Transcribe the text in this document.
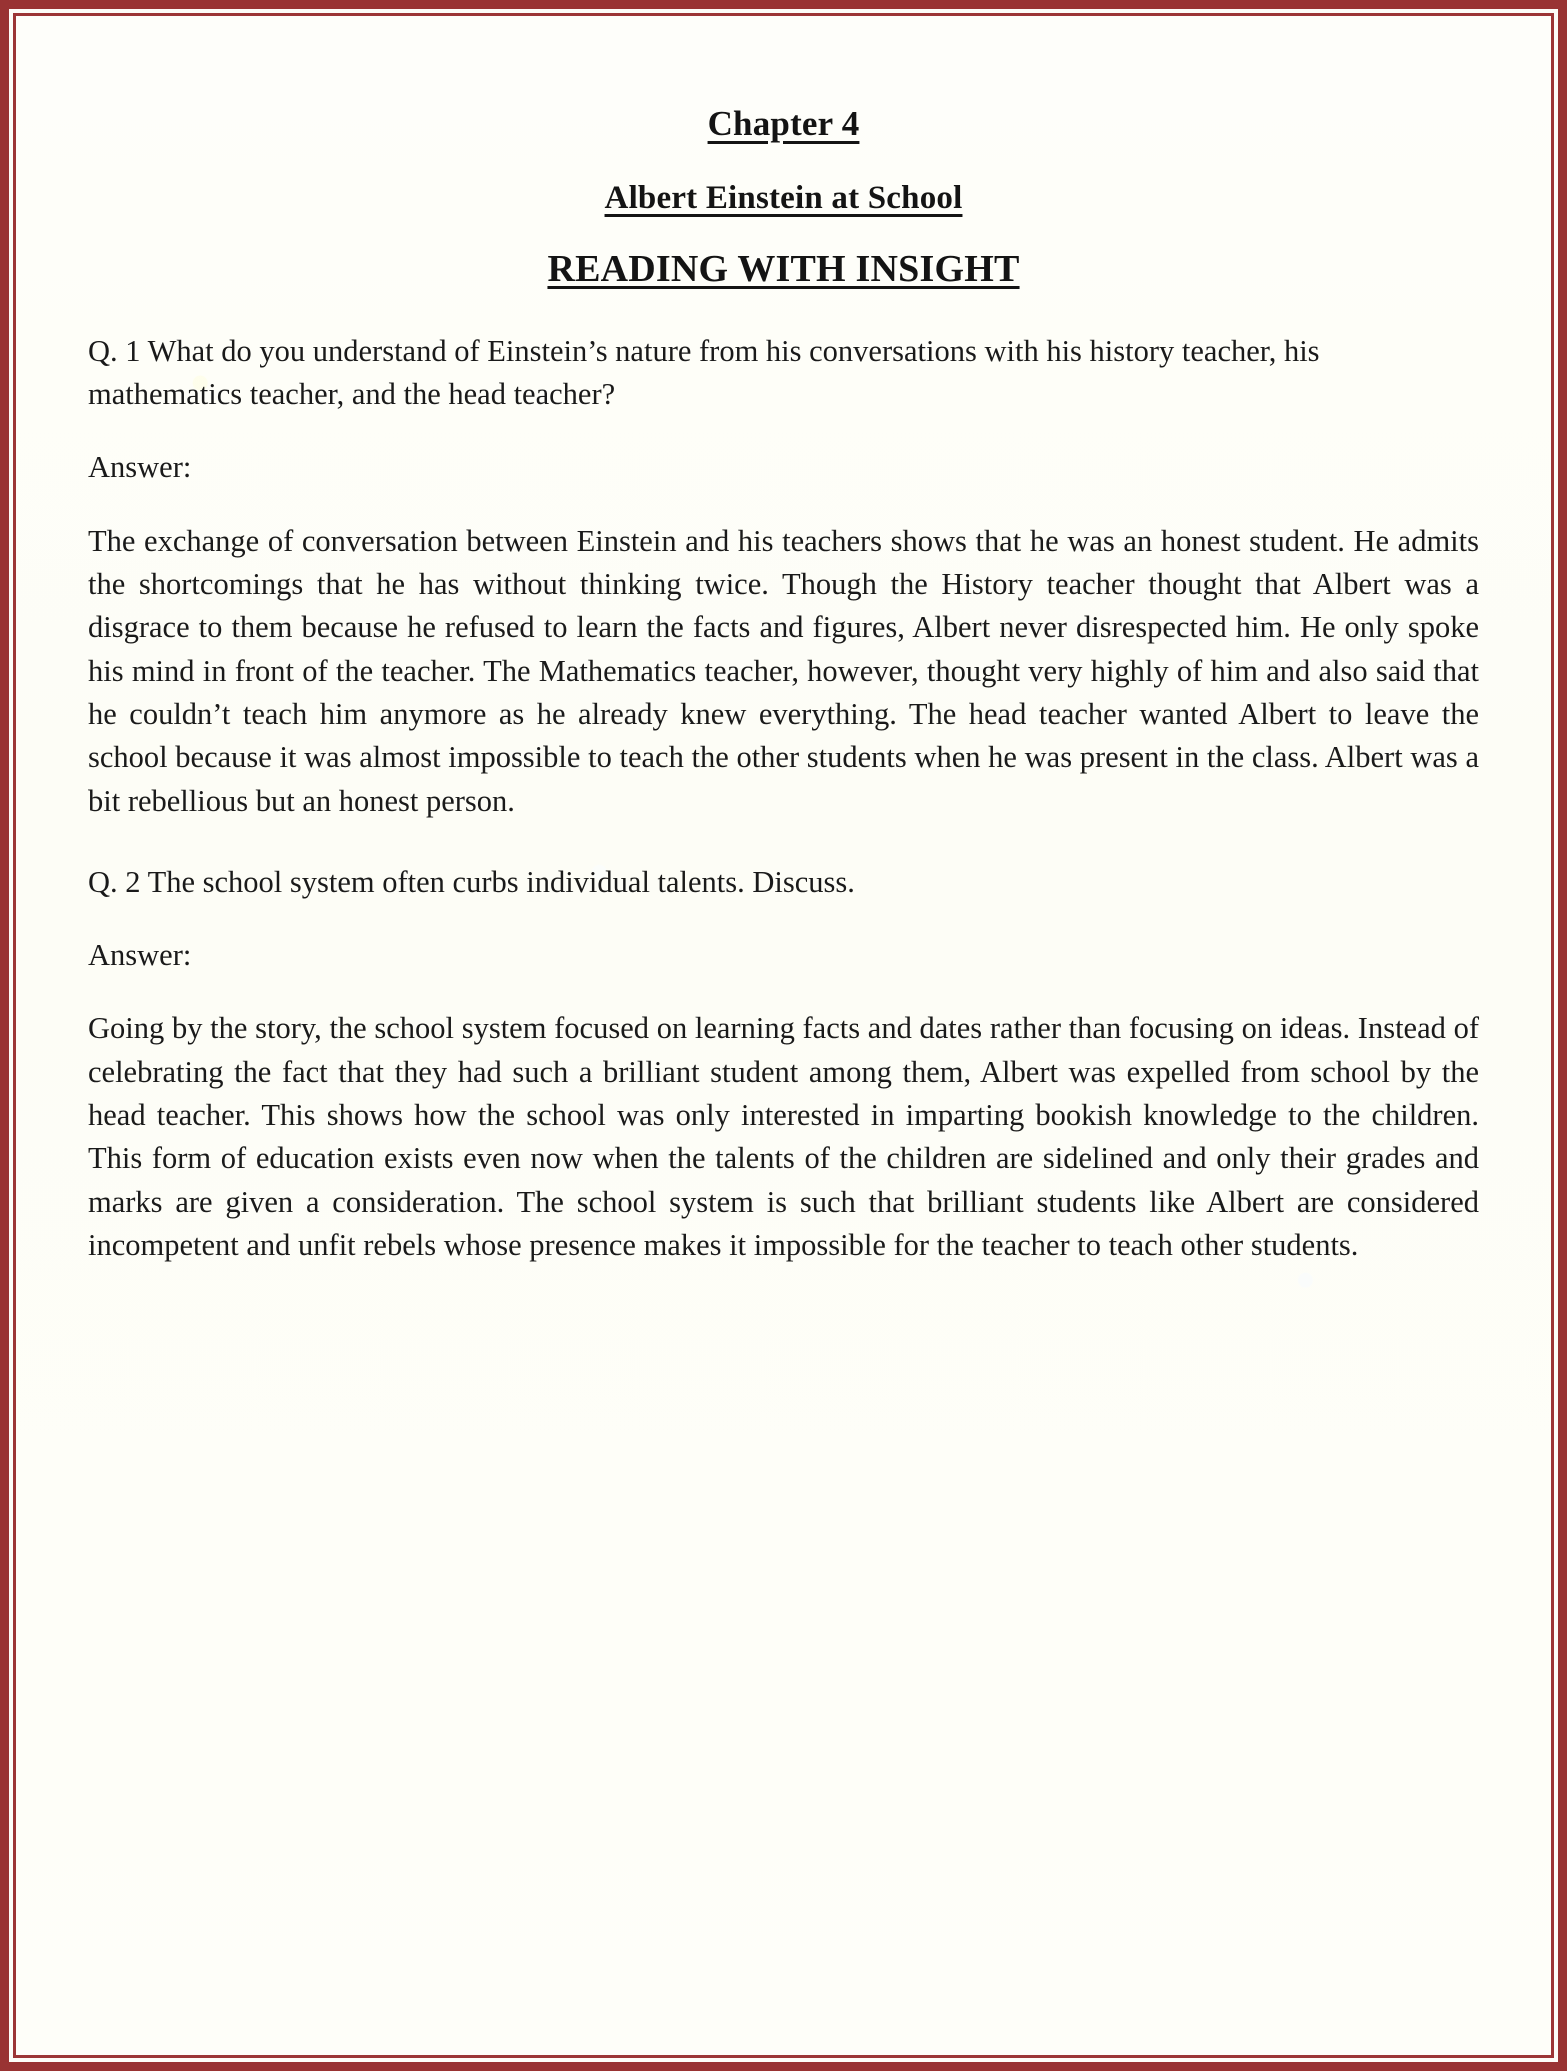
Chapter 4
Albert Einstein at School
READING WITH INSIGHT

Q. 1 What do you understand of Einstein’s nature from his conversations with his history teacher, his mathematics teacher, and the head teacher?

Answer:

The exchange of conversation between Einstein and his teachers shows that he was an honest student. He admits the shortcomings that he has without thinking twice. Though the History teacher thought that Albert was a disgrace to them because he refused to learn the facts and figures, Albert never disrespected him. He only spoke his mind in front of the teacher. The Mathematics teacher, however, thought very highly of him and also said that he couldn’t teach him anymore as he already knew everything. The head teacher wanted Albert to leave the school because it was almost impossible to teach the other students when he was present in the class. Albert was a bit rebellious but an honest person.

Q. 2 The school system often curbs individual talents. Discuss.

Answer:

Going by the story, the school system focused on learning facts and dates rather than focusing on ideas. Instead of celebrating the fact that they had such a brilliant student among them, Albert was expelled from school by the head teacher. This shows how the school was only interested in imparting bookish knowledge to the children. This form of education exists even now when the talents of the children are sidelined and only their grades and marks are given a consideration. The school system is such that brilliant students like Albert are considered incompetent and unfit rebels whose presence makes it impossible for the teacher to teach other students.
